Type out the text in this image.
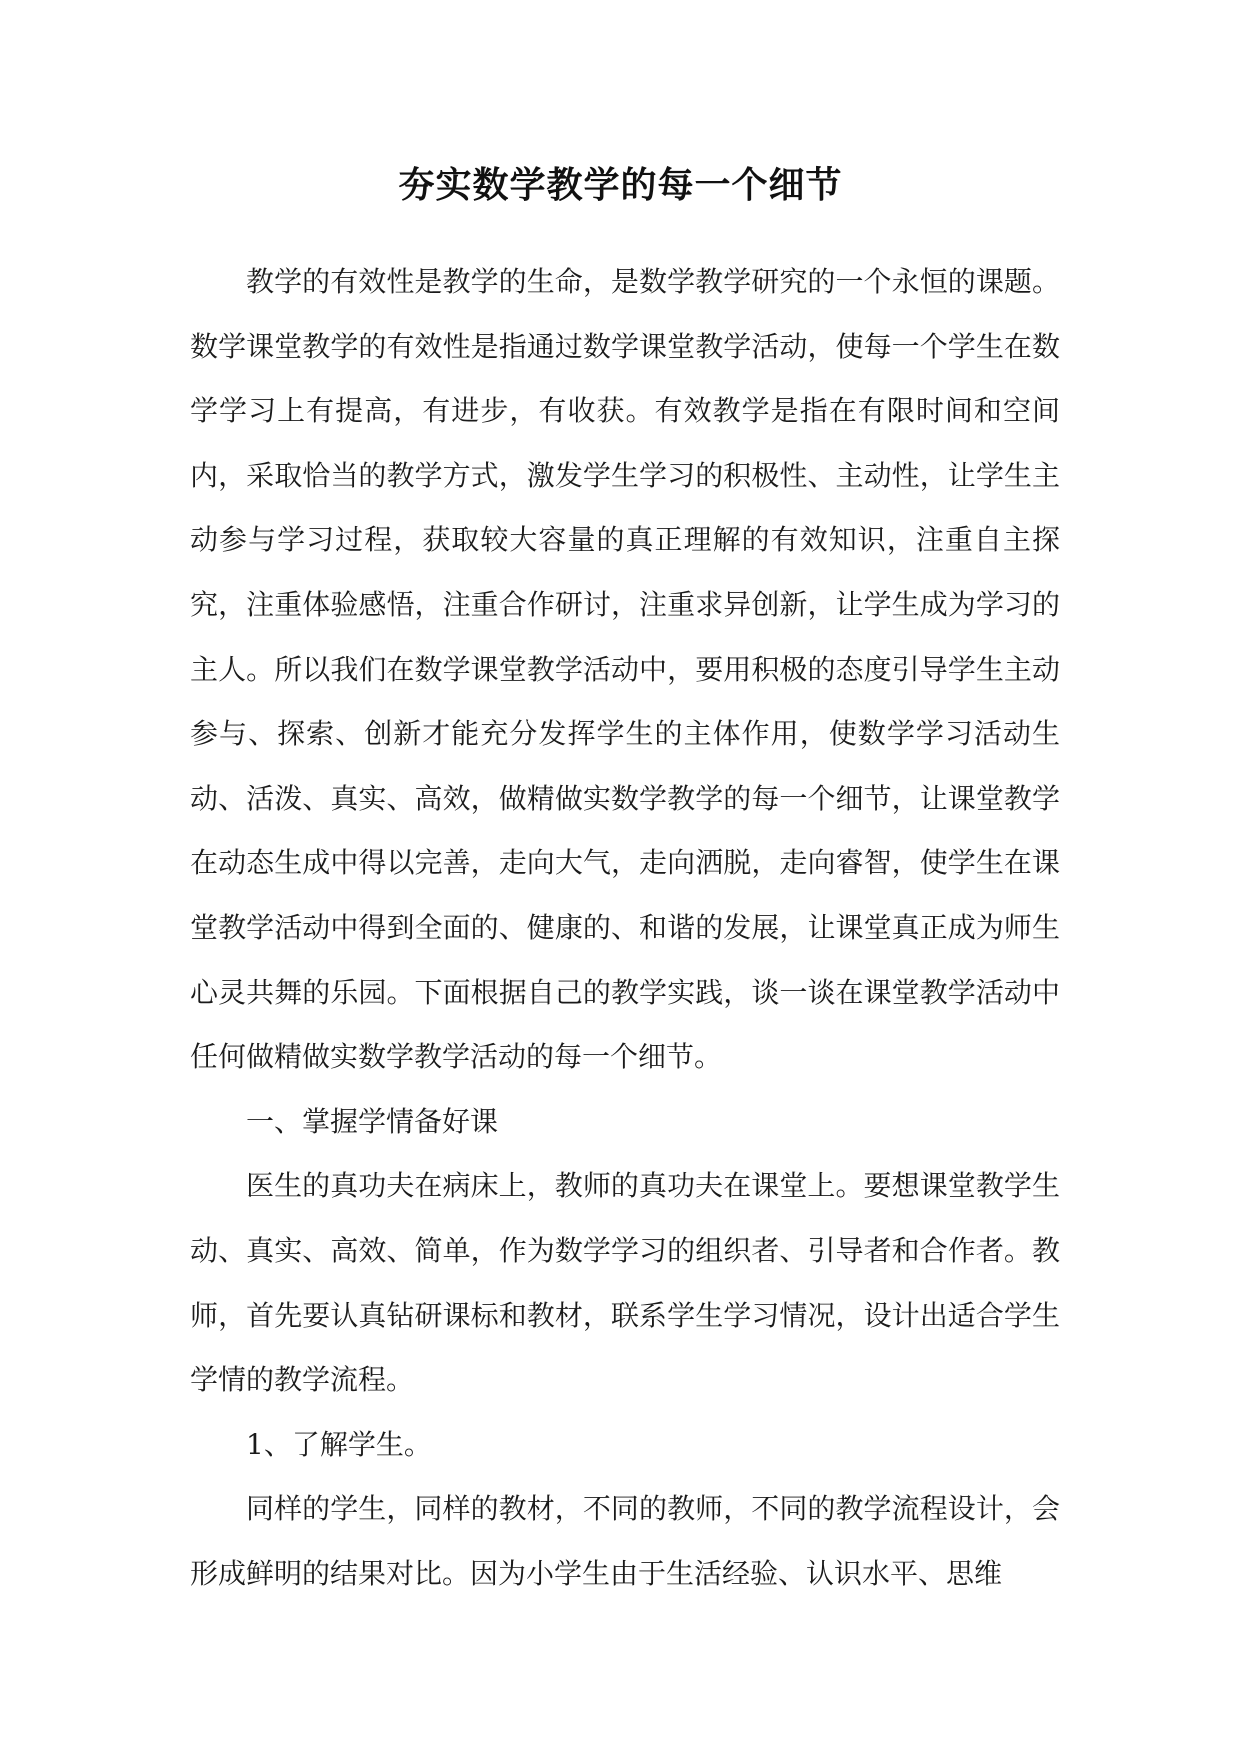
夯实数学教学的每一个细节

教学的有效性是教学的生命，是数学教学研究的一个永恒的课题。数学课堂教学的有效性是指通过数学课堂教学活动，使每一个学生在数学学习上有提高，有进步，有收获。有效教学是指在有限时间和空间内，采取恰当的教学方式，激发学生学习的积极性、主动性，让学生主动参与学习过程，获取较大容量的真正理解的有效知识，注重自主探究，注重体验感悟，注重合作研讨，注重求异创新，让学生成为学习的主人。所以我们在数学课堂教学活动中，要用积极的态度引导学生主动参与、探索、创新才能充分发挥学生的主体作用，使数学学习活动生动、活泼、真实、高效，做精做实数学教学的每一个细节，让课堂教学在动态生成中得以完善，走向大气，走向洒脱，走向睿智，使学生在课堂教学活动中得到全面的、健康的、和谐的发展，让课堂真正成为师生心灵共舞的乐园。下面根据自己的教学实践，谈一谈在课堂教学活动中任何做精做实数学教学活动的每一个细节。

一、掌握学情备好课

医生的真功夫在病床上，教师的真功夫在课堂上。要想课堂教学生动、真实、高效、简单，作为数学学习的组织者、引导者和合作者。教师，首先要认真钻研课标和教材，联系学生学习情况，设计出适合学生学情的教学流程。

1、了解学生。

同样的学生，同样的教材，不同的教师，不同的教学流程设计，会形成鲜明的结果对比。因为小学生由于生活经验、认识水平、思维
